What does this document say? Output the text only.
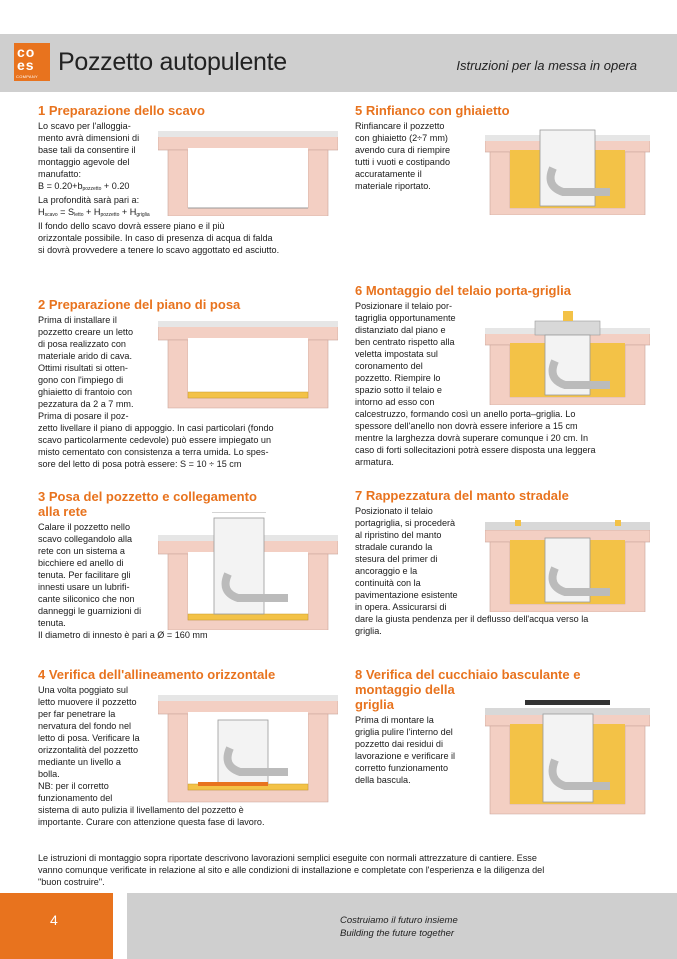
co
es
COMPANY
Pozzetto autopulente	Istruzioni per la messa in opera
1 Preparazione dello scavo

Lo scavo per l'alloggia-
mento avrà dimensioni di
base tali da consentire il
montaggio agevole del
manufatto:

$B = 0.20+b_{pozzetto} + 0.20$

La profondità sarà pari a:

$H_{scavo} = S_{letto} + H_{pozzetto} + H_{griglia}$

Il fondo dello scavo dovrà essere piano e il più
orizzontale possibile. In caso di presenza di acqua di falda
si dovrà provvedere a tenere lo scavo aggottato ed asciutto.

2 Preparazione del piano di posa

Prima di installare il
pozzetto creare un letto
di posa realizzato con
materiale arido di cava.
Ottimi risultati si otten-
gono con l'impiego di
ghiaietto di frantoio con
pezzatura da 2 a 7 mm.
Prima di posare il poz-

zetto livellare il piano di appoggio. In casi particolari (fondo
scavo particolarmente cedevole) può essere impiegato un
misto cementato con consistenza a terra umida. Lo spes-
sore del letto di posa potrà essere: S = 10 ÷ 15 cm

3 Posa del pozzetto e collegamento
alla rete

Calare il pozzetto nello
scavo collegandolo alla
rete con un sistema a
bicchiere ed anello di
tenuta. Per facilitare gli
innesti usare un lubrifi-
cante siliconico che non
danneggi le guarnizioni di
tenuta.

Il diametro di innesto è pari a Ø = 160 mm

4 Verifica dell'allineamento orizzontale

Una volta poggiato sul
letto muovere il pozzetto
per far penetrare la
nervatura del fondo nel
letto di posa. Verificare la
orizzontalità del pozzetto
mediante un livello a
bolla.
NB: per il corretto
funzionamento del

sistema di auto pulizia il livellamento del pozzetto è
importante. Curare con attenzione questa fase di lavoro.

5 Rinfianco con ghiaietto

Rinfiancare il pozzetto
con ghiaietto (2÷7 mm)
avendo cura di riempire
tutti i vuoti e costipando
accuratamente il
materiale riportato.

6 Montaggio del telaio porta-griglia

Posizionare il telaio por-
tagriglia opportunamente
distanziato dal piano e
ben centrato rispetto alla
veletta impostata sul
coronamento del
pozzetto. Riempire lo
spazio sotto il telaio e
intorno ad esso con

calcestruzzo, formando così un anello porta–griglia. Lo
spessore dell'anello non dovrà essere inferiore a 15 cm
mentre la larghezza dovrà superare comunque i 20 cm. In
caso di forti sollecitazioni potrà essere disposta una leggera
armatura.

7 Rappezzatura del manto stradale

Posizionato il telaio
portagriglia, si procederà
al ripristino del manto
stradale curando la
stesura del primer di
ancoraggio e la
continuità con la
pavimentazione esistente
in opera. Assicurarsi di

dare la giusta pendenza per il deflusso dell'acqua verso la
griglia.

8 Verifica del cucchiaio basculante e
montaggio della
griglia

Prima di montare la
griglia pulire l'interno del
pozzetto dai residui di
lavorazione e verificare il
corretto funzionamento
della bascula.

Le istruzioni di montaggio sopra riportate descrivono lavorazioni semplici eseguite con normali attrezzature di cantiere. Esse
vanno comunque verificate in relazione al sito e alle condizioni di installazione e completate con l'esperienza e la diligenza del
"buon costruire".
4	Costruiamo il futuro insieme
Building the future together
